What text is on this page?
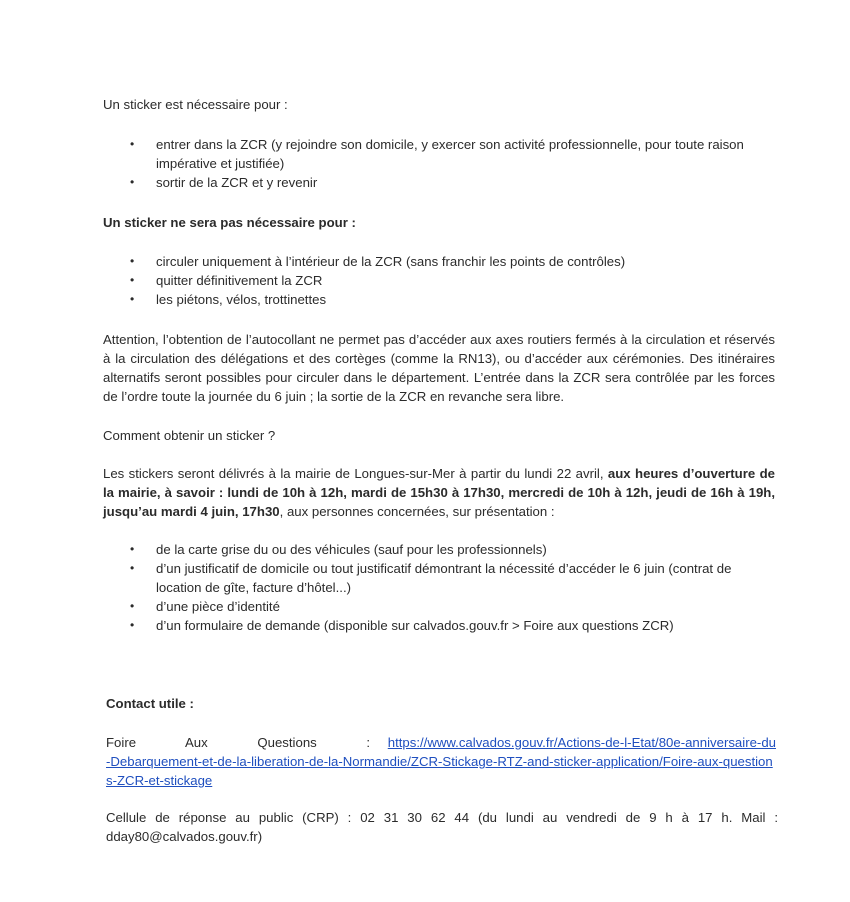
Un sticker est nécessaire pour :
• entrer dans la ZCR (y rejoindre son domicile, y exercer son activité professionnelle, pour toute raison impérative et justifiée)
• sortir de la ZCR et y revenir
Un sticker ne sera pas nécessaire pour :
• circuler uniquement à l’intérieur de la ZCR (sans franchir les points de contrôles)
• quitter définitivement la ZCR
• les piétons, vélos, trottinettes

Attention, l’obtention de l’autocollant ne permet pas d’accéder aux axes routiers fermés à la circulation et réservés à la circulation des délégations et des cortèges (comme la RN13), ou d’accéder aux cérémonies. Des itinéraires alternatifs seront possibles pour circuler dans le département. L’entrée dans la ZCR sera contrôlée par les forces de l’ordre toute la journée du 6 juin ; la sortie de la ZCR en revanche sera libre.

Comment obtenir un sticker ?

Les stickers seront délivrés à la mairie de Longues-sur-Mer à partir du lundi 22 avril, aux heures d’ouverture de la mairie, à savoir : lundi de 10h à 12h, mardi de 15h30 à 17h30, mercredi de 10h à 12h, jeudi de 16h à 19h, jusqu’au mardi 4 juin, 17h30, aux personnes concernées, sur présentation :

• de la carte grise du ou des véhicules (sauf pour les professionnels)
• d’un justificatif de domicile ou tout justificatif démontrant la nécessité d’accéder le 6 juin (contrat de location de gîte, facture d’hôtel...)
• d’une pièce d’identité
• d’un formulaire de demande (disponible sur calvados.gouv.fr > Foire aux questions ZCR)
Contact utile :
Foire Aux Questions : https://www.calvados.gouv.fr/Actions-de-l-Etat/80e-anniversaire-du-Debarquement-et-de-la-liberation-de-la-Normandie/ZCR-Stickage-RTZ-and-sticker-application/Foire-aux-questions-ZCR-et-stickage

Cellule de réponse au public (CRP) : 02 31 30 62 44 (du lundi au vendredi de 9 h à 17 h. Mail : dday80@calvados.gouv.fr)
